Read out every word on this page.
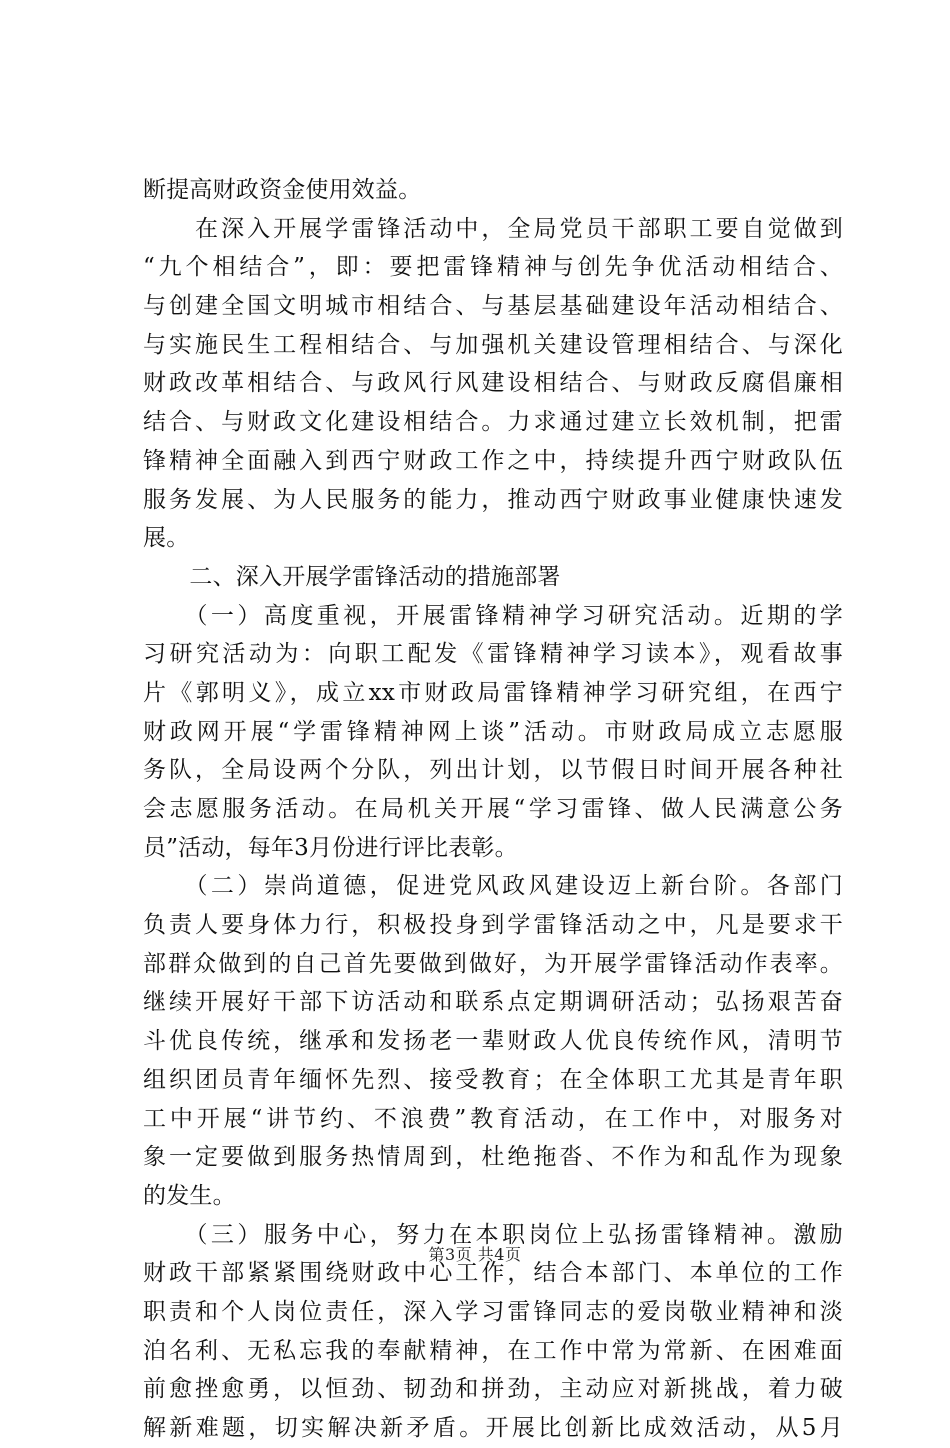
断提高财政资金使用效益。
　　在深入开展学雷锋活动中，全局党员干部职工要自觉做到
“九个相结合”，即：要把雷锋精神与创先争优活动相结合、
与创建全国文明城市相结合、与基层基础建设年活动相结合、
与实施民生工程相结合、与加强机关建设管理相结合、与深化
财政改革相结合、与政风行风建设相结合、与财政反腐倡廉相
结合、与财政文化建设相结合。力求通过建立长效机制，把雷
锋精神全面融入到西宁财政工作之中，持续提升西宁财政队伍
服务发展、为人民服务的能力，推动西宁财政事业健康快速发
展。
　　二、深入开展学雷锋活动的措施部署
　　（一）高度重视，开展雷锋精神学习研究活动。近期的学
习研究活动为：向职工配发《雷锋精神学习读本》，观看故事
片《郭明义》，成立xx市财政局雷锋精神学习研究组，在西宁
财政网开展“学雷锋精神网上谈”活动。市财政局成立志愿服
务队，全局设两个分队，列出计划，以节假日时间开展各种社
会志愿服务活动。在局机关开展“学习雷锋、做人民满意公务
员”活动，每年3月份进行评比表彰。
　　（二）崇尚道德，促进党风政风建设迈上新台阶。各部门
负责人要身体力行，积极投身到学雷锋活动之中，凡是要求干
部群众做到的自己首先要做到做好，为开展学雷锋活动作表率。
继续开展好干部下访活动和联系点定期调研活动；弘扬艰苦奋
斗优良传统，继承和发扬老一辈财政人优良传统作风，清明节
组织团员青年缅怀先烈、接受教育；在全体职工尤其是青年职
工中开展“讲节约、不浪费”教育活动，在工作中，对服务对
象一定要做到服务热情周到，杜绝拖沓、不作为和乱作为现象
的发生。
　　（三）服务中心，努力在本职岗位上弘扬雷锋精神。激励
财政干部紧紧围绕财政中心工作，结合本部门、本单位的工作
职责和个人岗位责任，深入学习雷锋同志的爱岗敬业精神和淡
泊名利、无私忘我的奉献精神，在工作中常为常新、在困难面
前愈挫愈勇，以恒劲、韧劲和拼劲，主动应对新挑战，着力破
解新难题，切实解决新矛盾。开展比创新比成效活动，从5月
第3页 共4页
